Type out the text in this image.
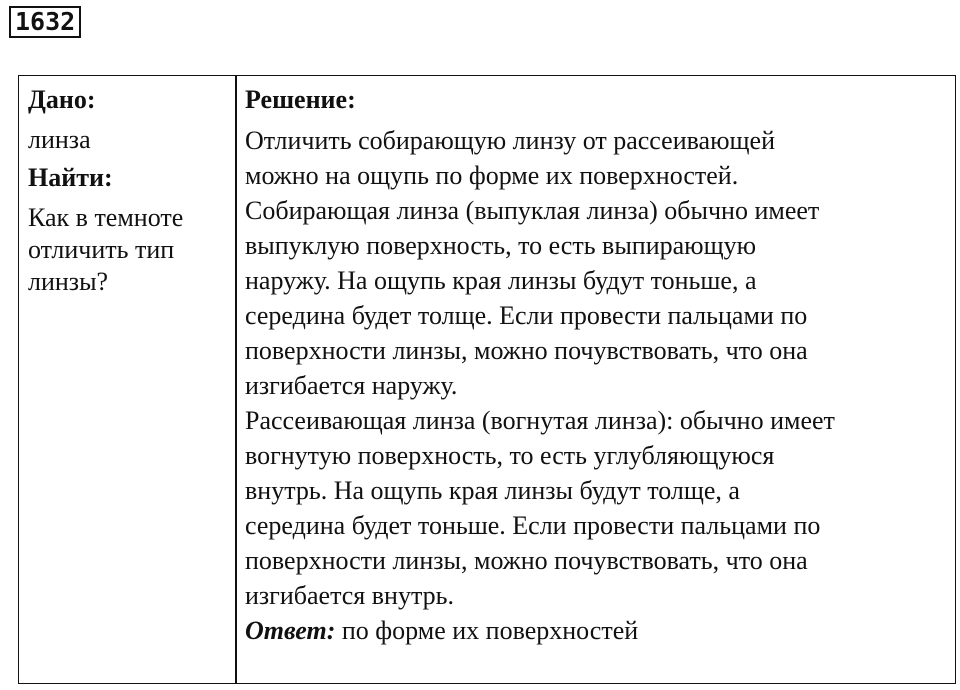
1632

Дано:

линза

Найти:

Как в темноте
отличить тип
линзы?

Решение:

Отличить собирающую линзу от рассеивающей

можно на ощупь по форме их поверхностей.

Собирающая линза (выпуклая линза) обычно имеет

выпуклую поверхность, то есть выпирающую

наружу. На ощупь края линзы будут тоньше, а

середина будет толще. Если провести пальцами по

поверхности линзы, можно почувствовать, что она

изгибается наружу.

Рассеивающая линза (вогнутая линза): обычно имеет

вогнутую поверхность, то есть углубляющуюся

внутрь. На ощупь края линзы будут толще, а

середина будет тоньше. Если провести пальцами по

поверхности линзы, можно почувствовать, что она

изгибается внутрь.

Ответ: по форме их поверхностей
